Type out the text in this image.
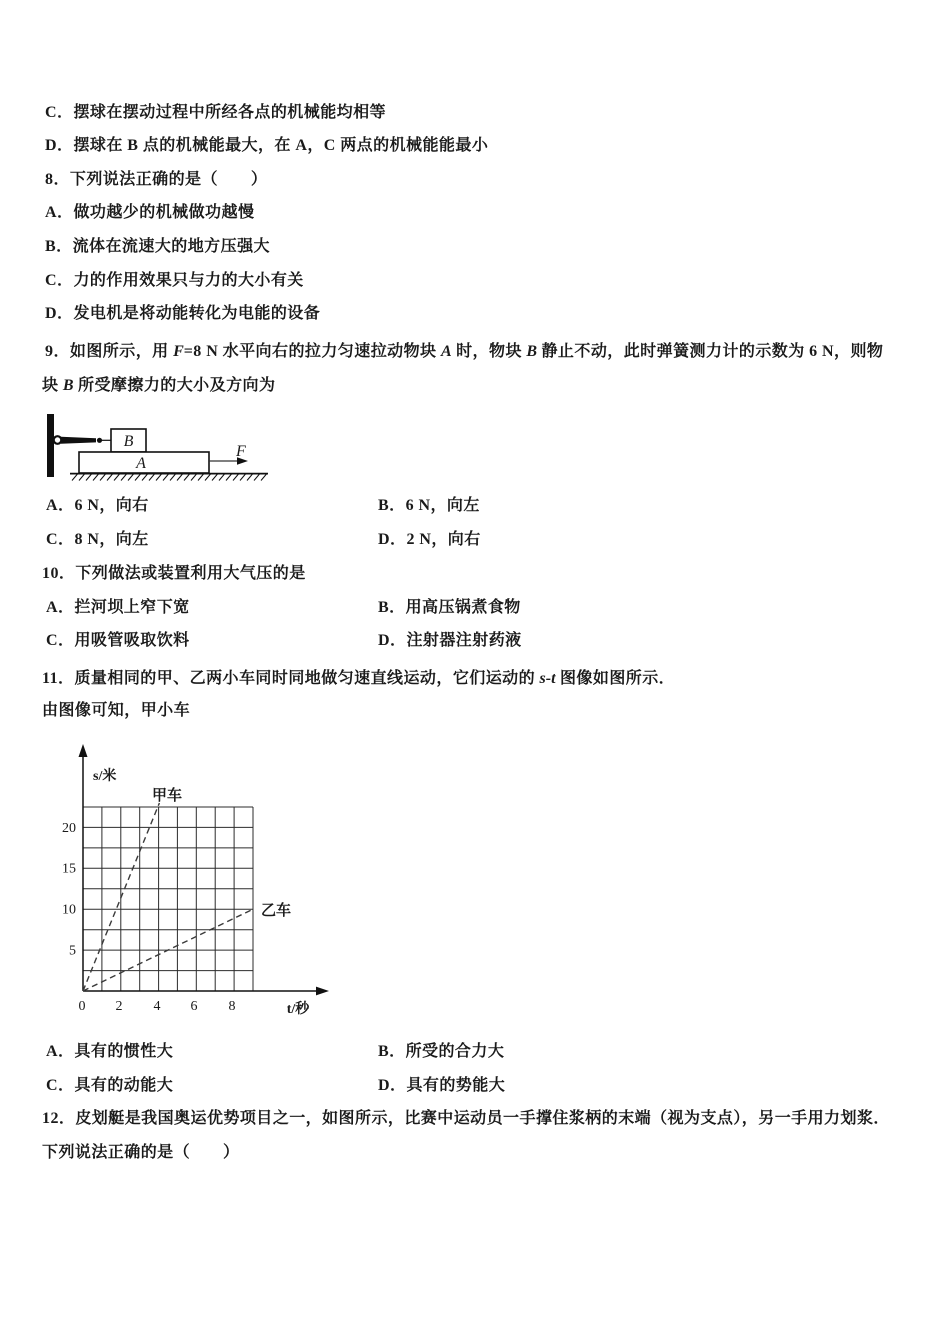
C．摆球在摆动过程中所经各点的机械能均相等
D．摆球在 B 点的机械能最大，在 A，C 两点的机械能能最小
8．下列说法正确的是（　　）
A．做功越少的机械做功越慢
B．流体在流速大的地方压强大
C．力的作用效果只与力的大小有关
D．发电机是将动能转化为电能的设备
9．如图所示，用 F=8 N 水平向右的拉力匀速拉动物块 A 时，物块 B 静止不动，此时弹簧测力计的示数为 6 N，则物
块 B 所受摩擦力的大小及方向为
B
A
F
A．6 N，向右	B．6 N，向左
C．8 N，向左	D．2 N，向右
10．下列做法或装置利用大气压的是
A．拦河坝上窄下宽	B．用高压锅煮食物
C．用吸管吸取饮料	D．注射器注射药液
11．质量相同的甲、乙两小车同时同地做匀速直线运动，它们运动的 s-t 图像如图所示．
由图像可知，甲小车
s/米
t/秒
甲车
乙车
5
10
15
20
0 2 4 6 8
A．具有的惯性大	B．所受的合力大
C．具有的动能大	D．具有的势能大
12．皮划艇是我国奥运优势项目之一，如图所示，比赛中运动员一手撑住浆柄的末端（视为支点），另一手用力划浆．
下列说法正确的是（　　）
